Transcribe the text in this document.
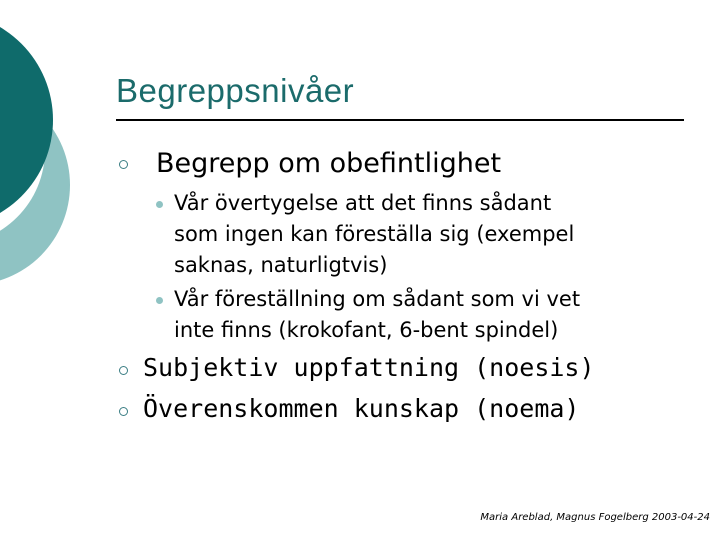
Begreppsnivåer
Begrepp om obefintlighet
Vår övertygelse att det finns sådant
som ingen kan föreställa sig (exempel
saknas, naturligtvis)
Vår föreställning om sådant som vi vet
inte finns (krokofant, 6-bent spindel)
Subjektiv uppfattning (noesis)
Överenskommen kunskap (noema)
Maria Areblad, Magnus Fogelberg 2003-04-24
